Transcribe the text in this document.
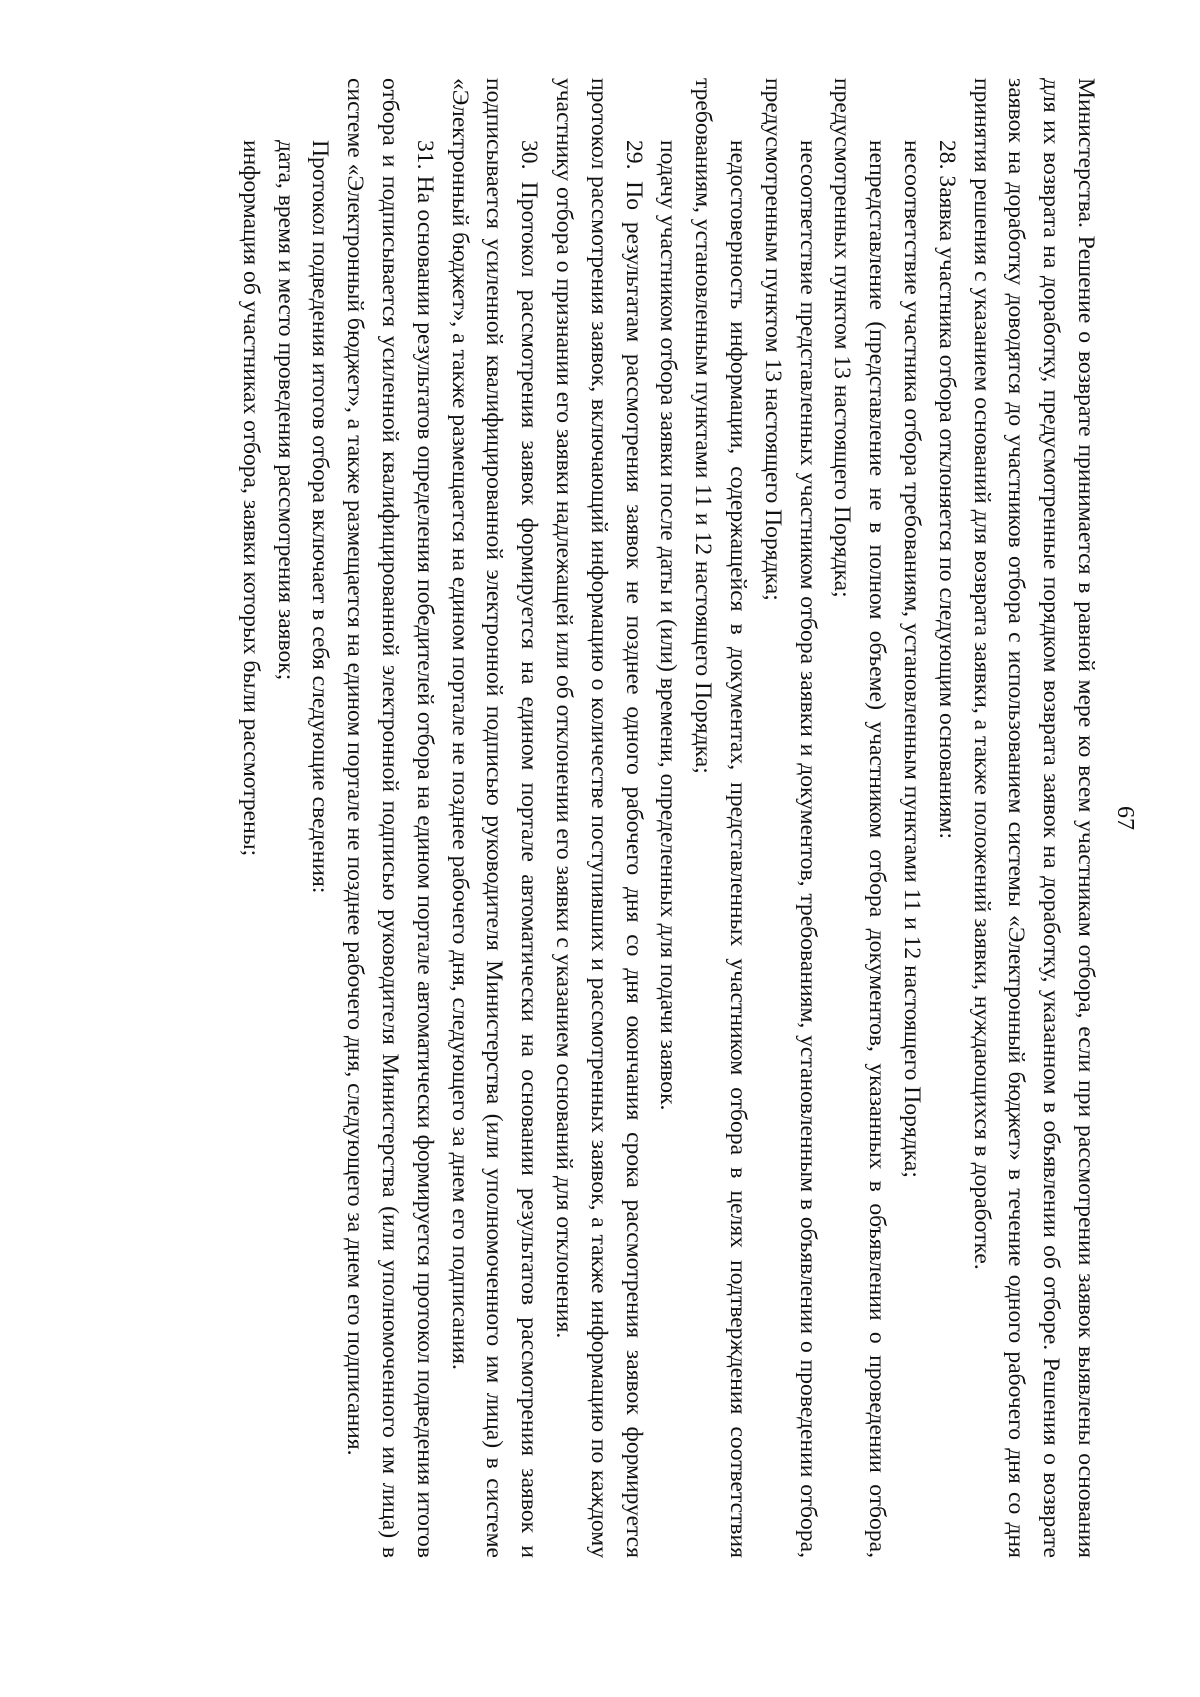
67

Министерства. Решение о возврате принимается в равной мере ко всем участникам отбора, если при рассмотрении заявок выявлены основания для их возврата на доработку, предусмотренные порядком возврата заявок на доработку, указанном в объявлении об отборе. Решения о возврате заявок на доработку доводятся до участников отбора с использованием системы «Электронный бюджет» в течение одного рабочего дня со дня принятия решения с указанием оснований для возврата заявки, а также положений заявки, нуждающихся в доработке.

28. Заявка участника отбора отклоняется по следующим основаниям:

несоответствие участника отбора требованиям, установленным пунктами 11 и 12 настоящего Порядка;

непредставление (представление не в полном объеме) участником отбора документов, указанных в объявлении о проведении отбора, предусмотренных пунктом 13 настоящего Порядка;

несоответствие представленных участником отбора заявки и документов, требованиям, установленным в объявлении о проведении отбора, предусмотренным пунктом 13 настоящего Порядка;

недостоверность информации, содержащейся в документах, представленных участником отбора в целях подтверждения соответствия требованиям, установленным пунктами 11 и 12 настоящего Порядка;

подачу участником отбора заявки после даты и (или) времени, определенных для подачи заявок.

29. По результатам рассмотрения заявок не позднее одного рабочего дня со дня окончания срока рассмотрения заявок формируется протокол рассмотрения заявок, включающий информацию о количестве поступивших и рассмотренных заявок, а также информацию по каждому участнику отбора о признании его заявки надлежащей или об отклонении его заявки с указанием оснований для отклонения.

30. Протокол рассмотрения заявок формируется на едином портале автоматически на основании результатов рассмотрения заявок и подписывается усиленной квалифицированной электронной подписью руководителя Министерства (или уполномоченного им лица) в системе «Электронный бюджет», а также размещается на едином портале не позднее рабочего дня, следующего за днем его подписания.

31. На основании результатов определения победителей отбора на едином портале автоматически формируется протокол подведения итогов отбора и подписывается усиленной квалифицированной электронной подписью руководителя Министерства (или уполномоченного им лица) в системе «Электронный бюджет», а также размещается на едином портале не позднее рабочего дня, следующего за днем его подписания.

Протокол подведения итогов отбора включает в себя следующие сведения:

дата, время и место проведения рассмотрения заявок;

информация об участниках отбора, заявки которых были рассмотрены;
